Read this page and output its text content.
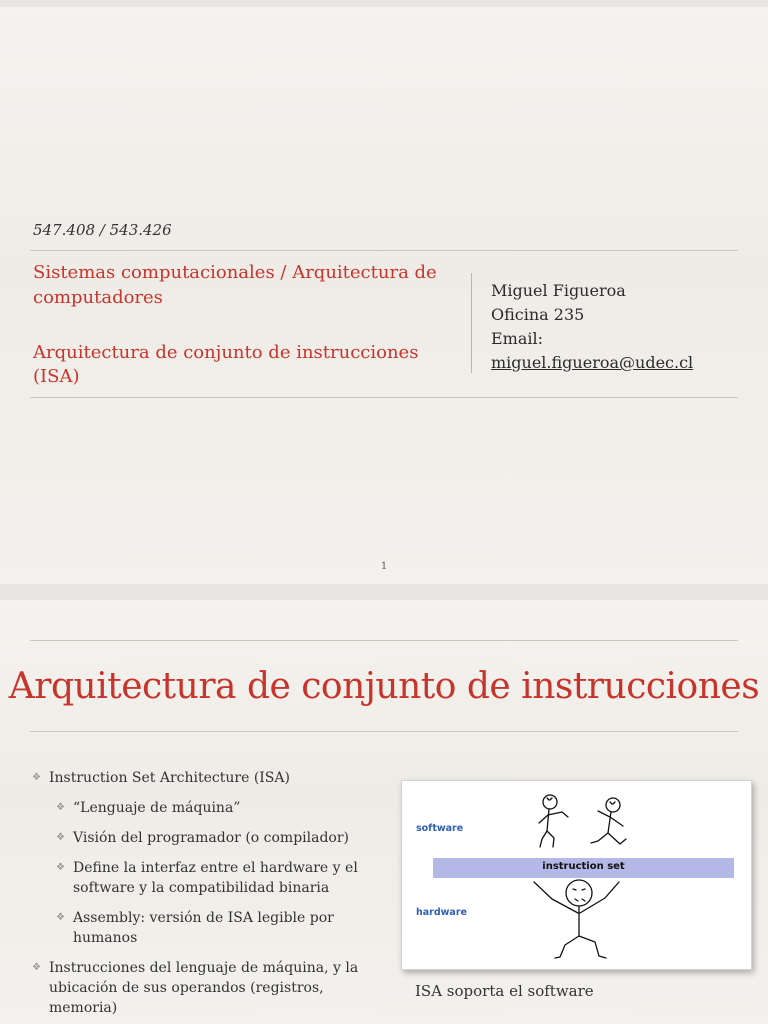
547.408 / 543.426
Sistemas computacionales / Arquitectura de computadores
Arquitectura de conjunto de instrucciones (ISA)
Miguel Figueroa
Oficina 235
Email:
miguel.figueroa@udec.cl
1
Arquitectura de conjunto de instrucciones
❖ Instruction Set Architecture (ISA)
❖ “Lenguaje de máquina”
❖ Visión del programador (o compilador)
❖ Define la interfaz entre el hardware y el software y la compatibilidad binaria
❖ Assembly: versión de ISA legible por humanos
❖ Instrucciones del lenguaje de máquina, y la ubicación de sus operandos (registros, memoria)
software
hardware
instruction set
ISA soporta el software
